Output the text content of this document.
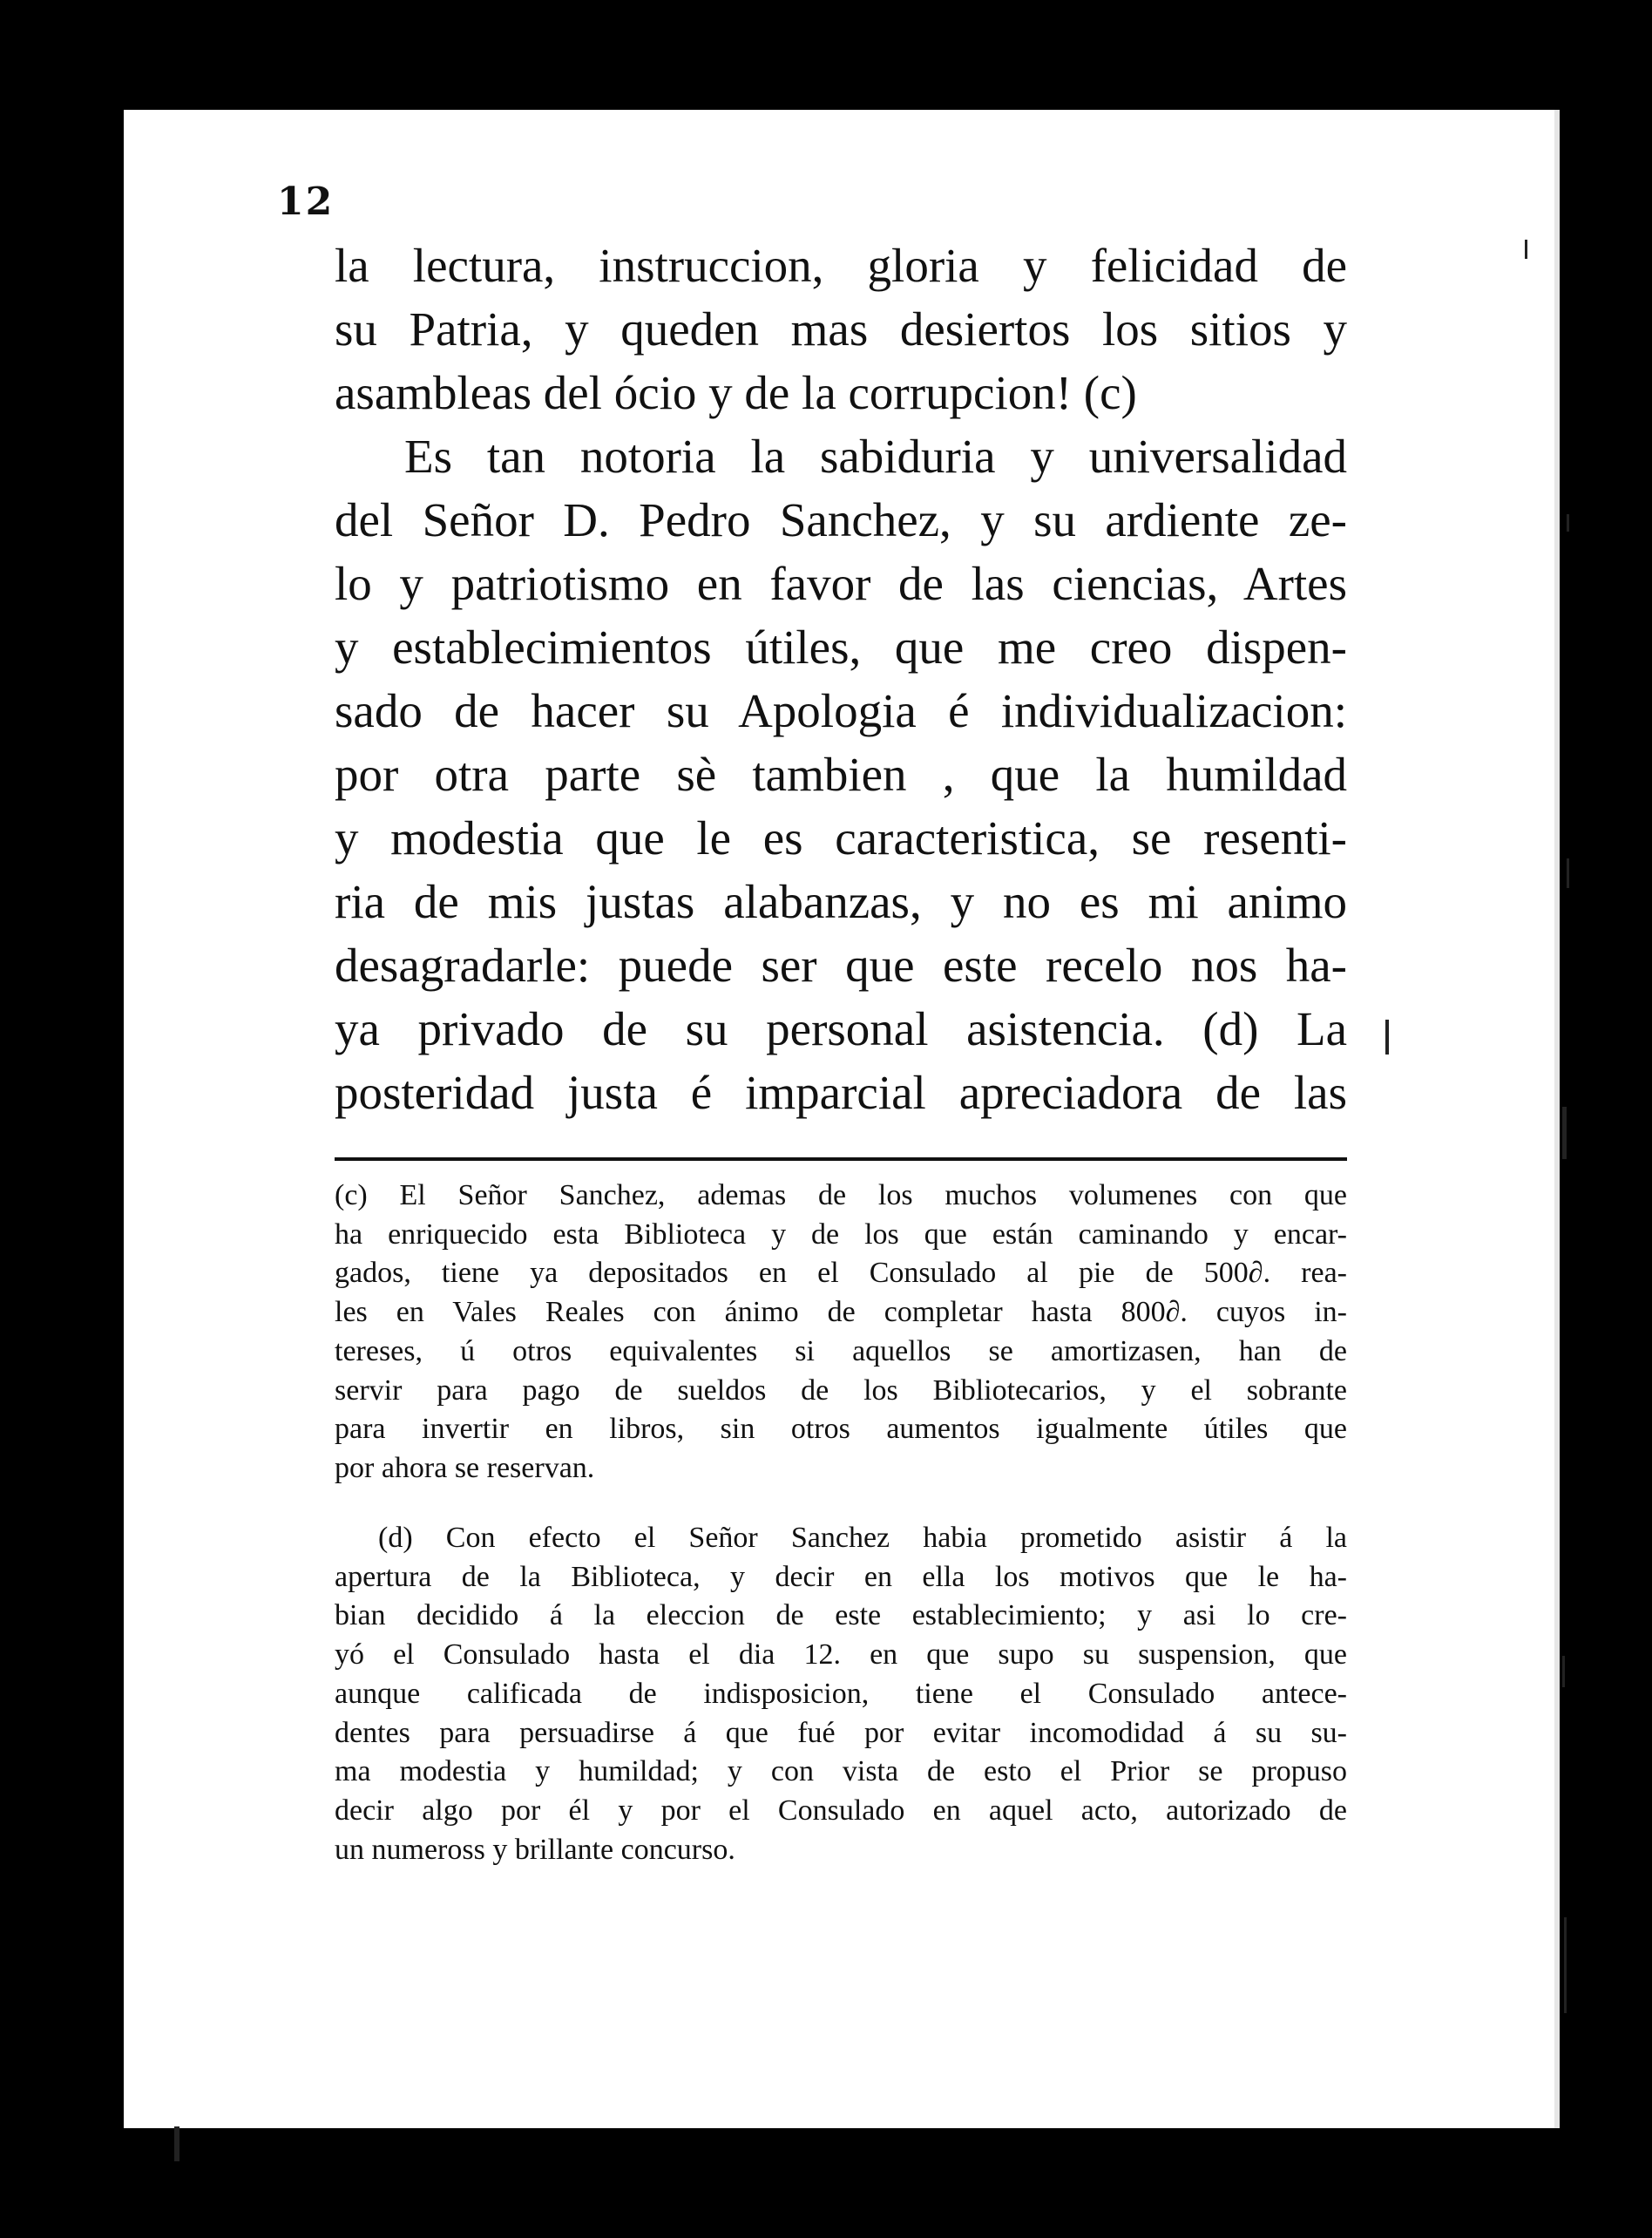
12

la lectura, instruccion, gloria y felicidad de
su Patria, y queden mas desiertos los sitios y
asambleas del ócio y de la corrupcion! (c)
Es tan notoria la sabiduria y universalidad
del Señor D. Pedro Sanchez, y su ardiente ze-
lo y patriotismo en favor de las ciencias, Artes
y establecimientos útiles, que me creo dispen-
sado de hacer su Apologia é individualizacion:
por otra parte sè tambien , que la humildad
y modestia que le es caracteristica, se resenti-
ria de mis justas alabanzas, y no es mi animo
desagradarle: puede ser que este recelo nos ha-
ya privado de su personal asistencia. (d) La
posteridad justa é imparcial apreciadora de las

(c) El Señor Sanchez, ademas de los muchos volumenes con que
ha enriquecido esta Biblioteca y de los que están caminando y encar-
gados, tiene ya depositados en el Consulado al pie de 500∂. rea-
les en Vales Reales con ánimo de completar hasta 800∂. cuyos in-
tereses, ú otros equivalentes si aquellos se amortizasen, han de
servir para pago de sueldos de los Bibliotecarios, y el sobrante
para invertir en libros, sin otros aumentos igualmente útiles que
por ahora se reservan.

(d) Con efecto el Señor Sanchez habia prometido asistir á la
apertura de la Biblioteca, y decir en ella los motivos que le ha-
bian decidido á la eleccion de este establecimiento; y asi lo cre-
yó el Consulado hasta el dia 12. en que supo su suspension, que
aunque calificada de indisposicion, tiene el Consulado antece-
dentes para persuadirse á que fué por evitar incomodidad á su su-
ma modestia y humildad; y con vista de esto el Prior se propuso
decir algo por él y por el Consulado en aquel acto, autorizado de
un numeross y brillante concurso.
